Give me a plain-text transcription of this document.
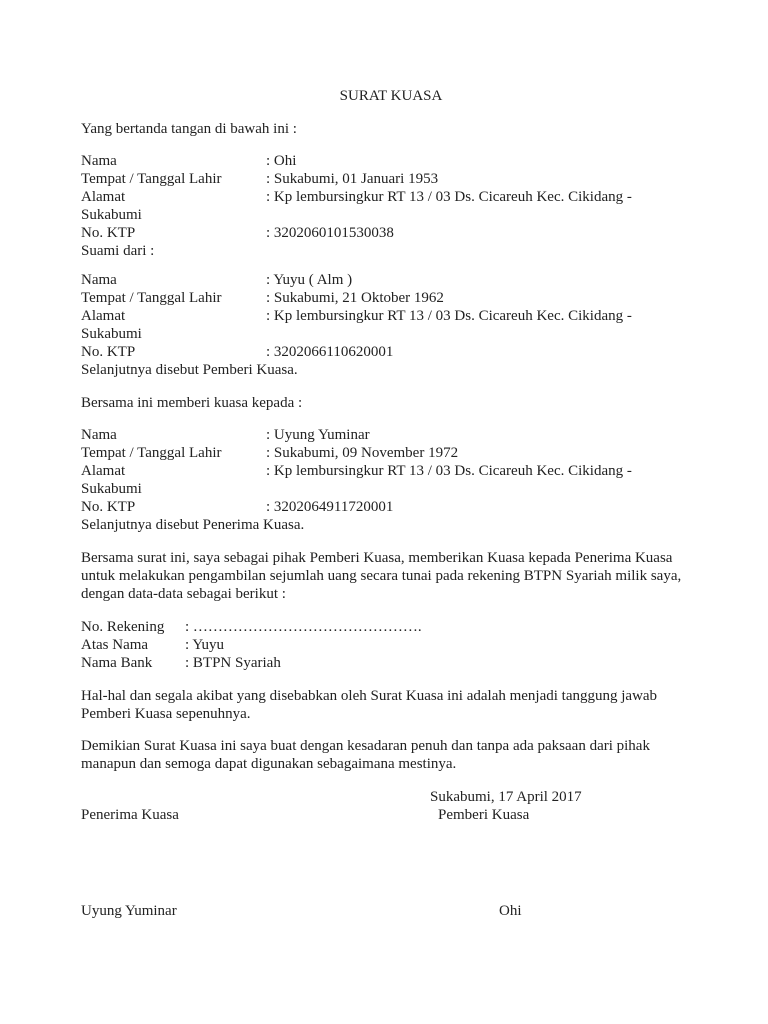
SURAT KUASA
Yang bertanda tangan di bawah ini :
Nama	: Ohi
Tempat / Tanggal Lahir	: Sukabumi, 01 Januari 1953
Alamat	: Kp lembursingkur RT 13 / 03 Ds. Cicareuh Kec. Cikidang -
Sukabumi
No. KTP	: 3202060101530038
Suami dari :
Nama	: Yuyu ( Alm )
Tempat / Tanggal Lahir	: Sukabumi, 21 Oktober 1962
Alamat	: Kp lembursingkur RT 13 / 03 Ds. Cicareuh Kec. Cikidang -
Sukabumi
No. KTP	: 3202066110620001
Selanjutnya disebut Pemberi Kuasa.
Bersama ini memberi kuasa kepada :
Nama	: Uyung Yuminar
Tempat / Tanggal Lahir	: Sukabumi, 09 November 1972
Alamat	: Kp lembursingkur RT 13 / 03 Ds. Cicareuh Kec. Cikidang -
Sukabumi
No. KTP	: 3202064911720001
Selanjutnya disebut Penerima Kuasa.
Bersama surat ini, saya sebagai pihak Pemberi Kuasa, memberikan Kuasa kepada Penerima Kuasa
untuk melakukan pengambilan sejumlah uang secara tunai pada rekening BTPN Syariah milik saya,
dengan data-data sebagai berikut :
No. Rekening : ……………………………………….
Atas Nama : Yuyu
Nama Bank : BTPN Syariah
Hal-hal dan segala akibat yang disebabkan oleh Surat Kuasa ini adalah menjadi tanggung jawab
Pemberi Kuasa sepenuhnya.
Demikian Surat Kuasa ini saya buat dengan kesadaran penuh dan tanpa ada paksaan dari pihak
manapun dan semoga dapat digunakan sebagaimana mestinya.
Sukabumi, 17 April 2017
Penerima Kuasa	Pemberi Kuasa
Uyung Yuminar	Ohi
